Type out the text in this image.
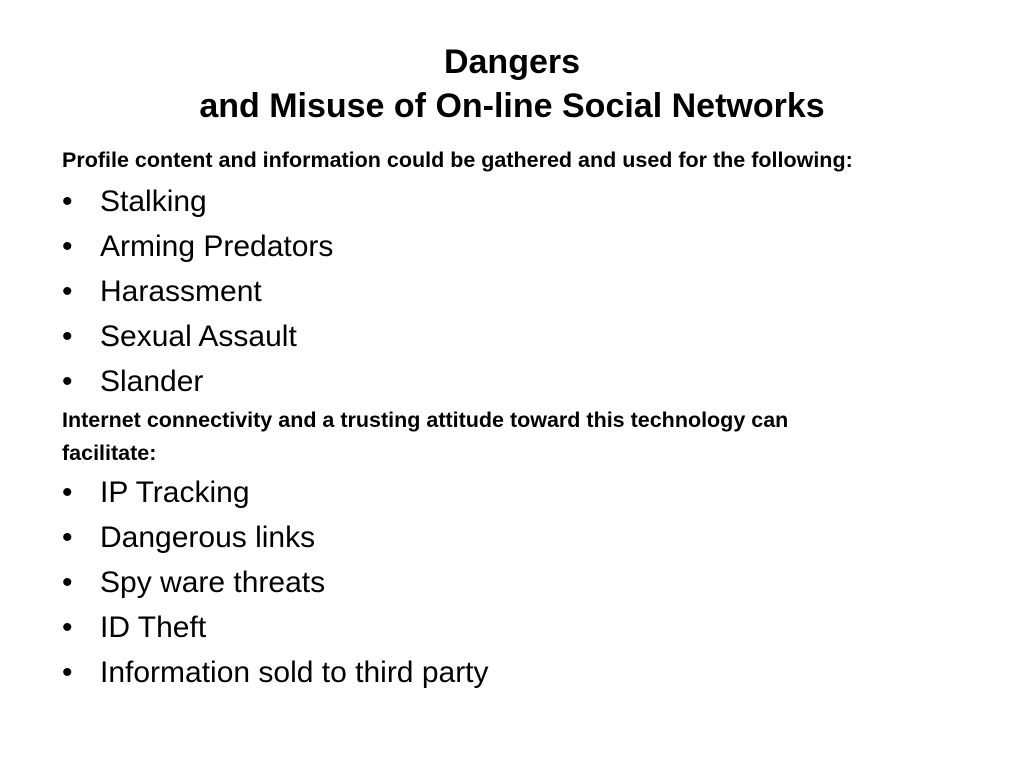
Dangers
and Misuse of On-line Social Networks

Profile content and information could be gathered and used for the following:

• Stalking
• Arming Predators
• Harassment
• Sexual Assault
• Slander
Internet connectivity and a trusting attitude toward this technology can
facilitate:
• IP Tracking
• Dangerous links
• Spy ware threats
• ID Theft
• Information sold to third party
